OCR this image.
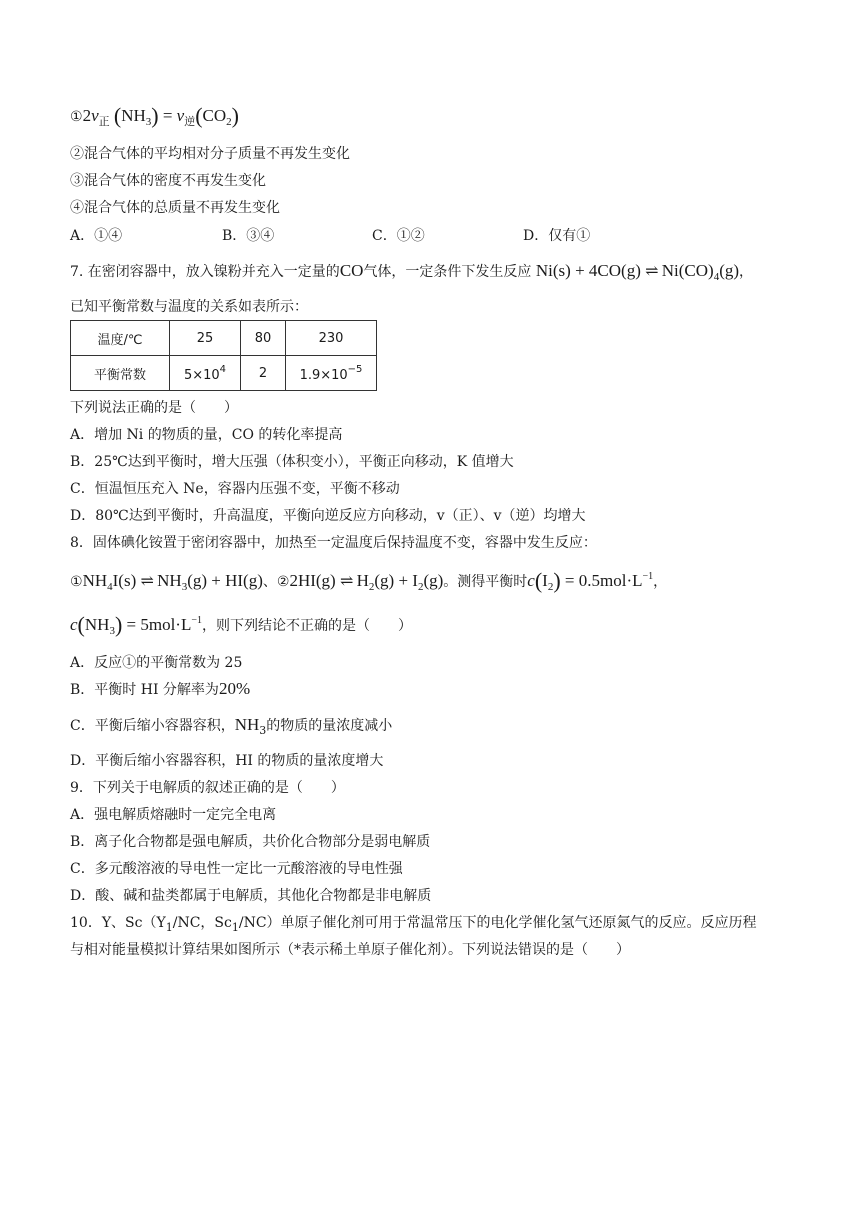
$①2v_正$ $(NH_3) = v_逆(CO_2)$
②混合气体的平均相对分子质量不再发生变化
③混合气体的密度不再发生变化
④混合气体的总质量不再发生变化
A．①④	B．③④	C．①②	D．仅有①
7. 在密闭容器中，放入镍粉并充入一定量的CO气体，一定条件下发生反应 Ni(s) + 4CO(g) ⇌ $Ni(CO)_4(g)$，
已知平衡常数与温度的关系如表所示：
温度/℃	25	80	230
平衡常数	$5\times 10^4$	2	$1.9\times 10^{-5}$
下列说法正确的是（　　）
A．增加 Ni 的物质的量，CO 的转化率提高
B．25℃达到平衡时，增大压强（体积变小），平衡正向移动，K 值增大
C．恒温恒压充入 Ne，容器内压强不变，平衡不移动
D．80℃达到平衡时，升高温度，平衡向逆反应方向移动，v（正）、v（逆）均增大
8．固体碘化铵置于密闭容器中，加热至一定温度后保持温度不变，容器中发生反应：
$①NH_4I(s)$ ⇌ $NH_3(g) + HI(g)$、②2HI(g) ⇌ $H_2(g) + I_2(g)$。测得平衡时$c(I_2) = 0.5mol\cdot L^{-1}$，
$c(NH_3) = 5mol\cdot L^{-1}$，则下列结论不正确的是（　　）
A．反应①的平衡常数为 25
B．平衡时 HI 分解率为20%
C．平衡后缩小容器容积，$NH_3$的物质的量浓度减小
D．平衡后缩小容器容积，HI 的物质的量浓度增大
9．下列关于电解质的叙述正确的是（　　）
A．强电解质熔融时一定完全电离
B．离子化合物都是强电解质，共价化合物部分是弱电解质
C．多元酸溶液的导电性一定比一元酸溶液的导电性强
D．酸、碱和盐类都属于电解质，其他化合物都是非电解质
10．Y、$Sc(Y_1/NC$，$Sc_1/NC$）单原子催化剂可用于常温常压下的电化学催化氢气还原氮气的反应。反应历程
与相对能量模拟计算结果如图所示（*表示稀土单原子催化剂）。下列说法错误的是（　　）
